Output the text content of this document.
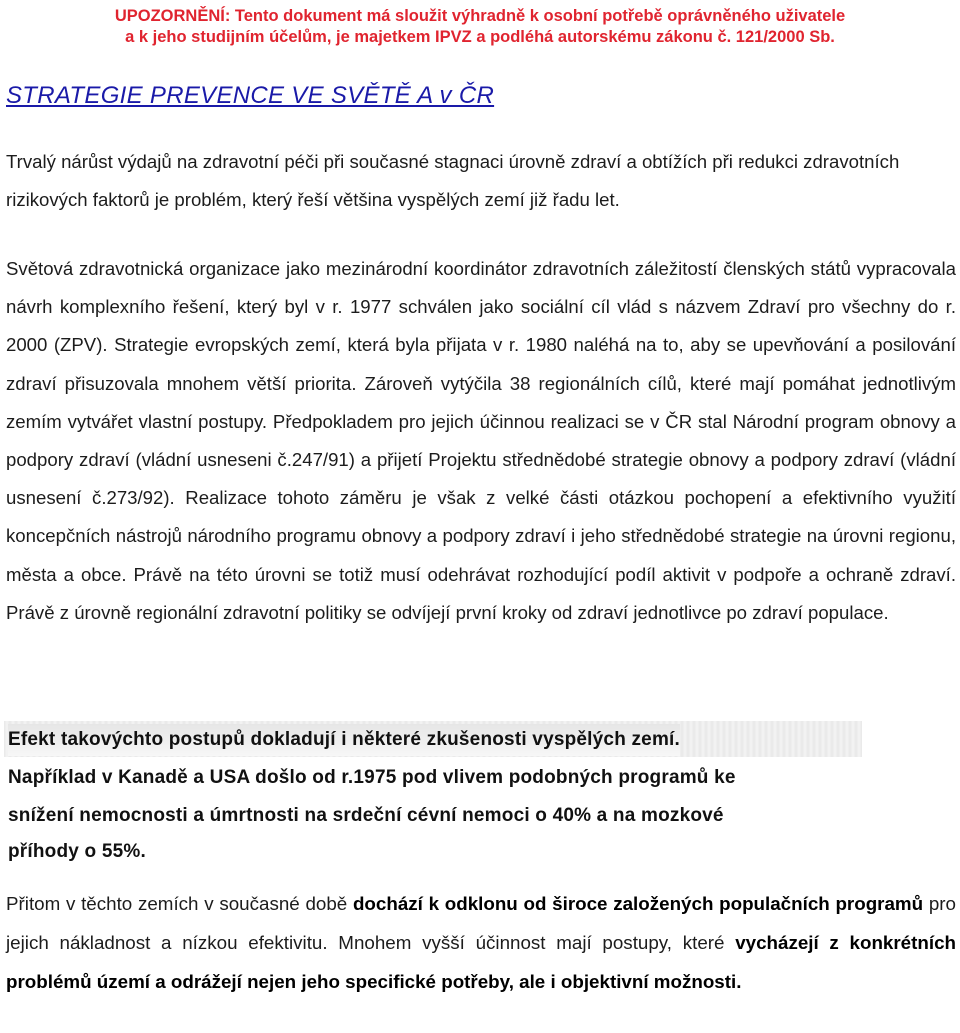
UPOZORNĚNÍ: Tento dokument má sloužit výhradně k osobní potřebě oprávněného uživatele
a k jeho studijním účelům, je majetkem IPVZ a podléhá autorskému zákonu č. 121/2000 Sb.
STRATEGIE PREVENCE VE SVĚTĚ A v ČR

Trvalý nárůst výdajů na zdravotní péči při současné stagnaci úrovně zdraví a obtížích při redukci zdravotních rizikových faktorů je problém, který řeší většina vyspělých zemí již řadu let.

Světová zdravotnická organizace jako mezinárodní koordinátor zdravotních záležitostí členských států vypracovala návrh komplexního řešení, který byl v r. 1977 schválen jako sociální cíl vlád s názvem Zdraví pro všechny do r. 2000 (ZPV). Strategie evropských zemí, která byla přijata v r. 1980 naléhá na to, aby se upevňování a posilování zdraví přisuzovala mnohem větší priorita. Zároveň vytýčila 38 regionálních cílů, které mají pomáhat jednotlivým zemím vytvářet vlastní postupy. Předpokladem pro jejich účinnou realizaci se v ČR stal Národní program obnovy a podpory zdraví (vládní usneseni č.247/91) a přijetí Projektu střednědobé strategie obnovy a podpory zdraví (vládní usnesení č.273/92). Realizace tohoto záměru je však z velké části otázkou pochopení a efektivního využití koncepčních nástrojů národního programu obnovy a podpory zdraví i jeho střednědobé strategie na úrovni regionu, města a obce. Právě na této úrovni se totiž musí odehrávat rozhodující podíl aktivit v podpoře a ochraně zdraví. Právě z úrovně regionální zdravotní politiky se odvíjejí první kroky od zdraví jednotlivce po zdraví populace.

Efekt takovýchto postupů dokladují i některé zkušenosti vyspělých zemí.
Například v Kanadě a USA došlo od r.1975 pod vlivem podobných programů ke
snížení nemocnosti a úmrtnosti na srdeční cévní nemoci o 40% a na mozkové
příhody o 55%.

Přitom v těchto zemích v současné době dochází k odklonu od široce založených populačních programů pro jejich nákladnost a nízkou efektivitu. Mnohem vyšší účinnost mají postupy, které vycházejí z konkrétních problémů území a odrážejí nejen jeho specifické potřeby, ale i objektivní možnosti.
